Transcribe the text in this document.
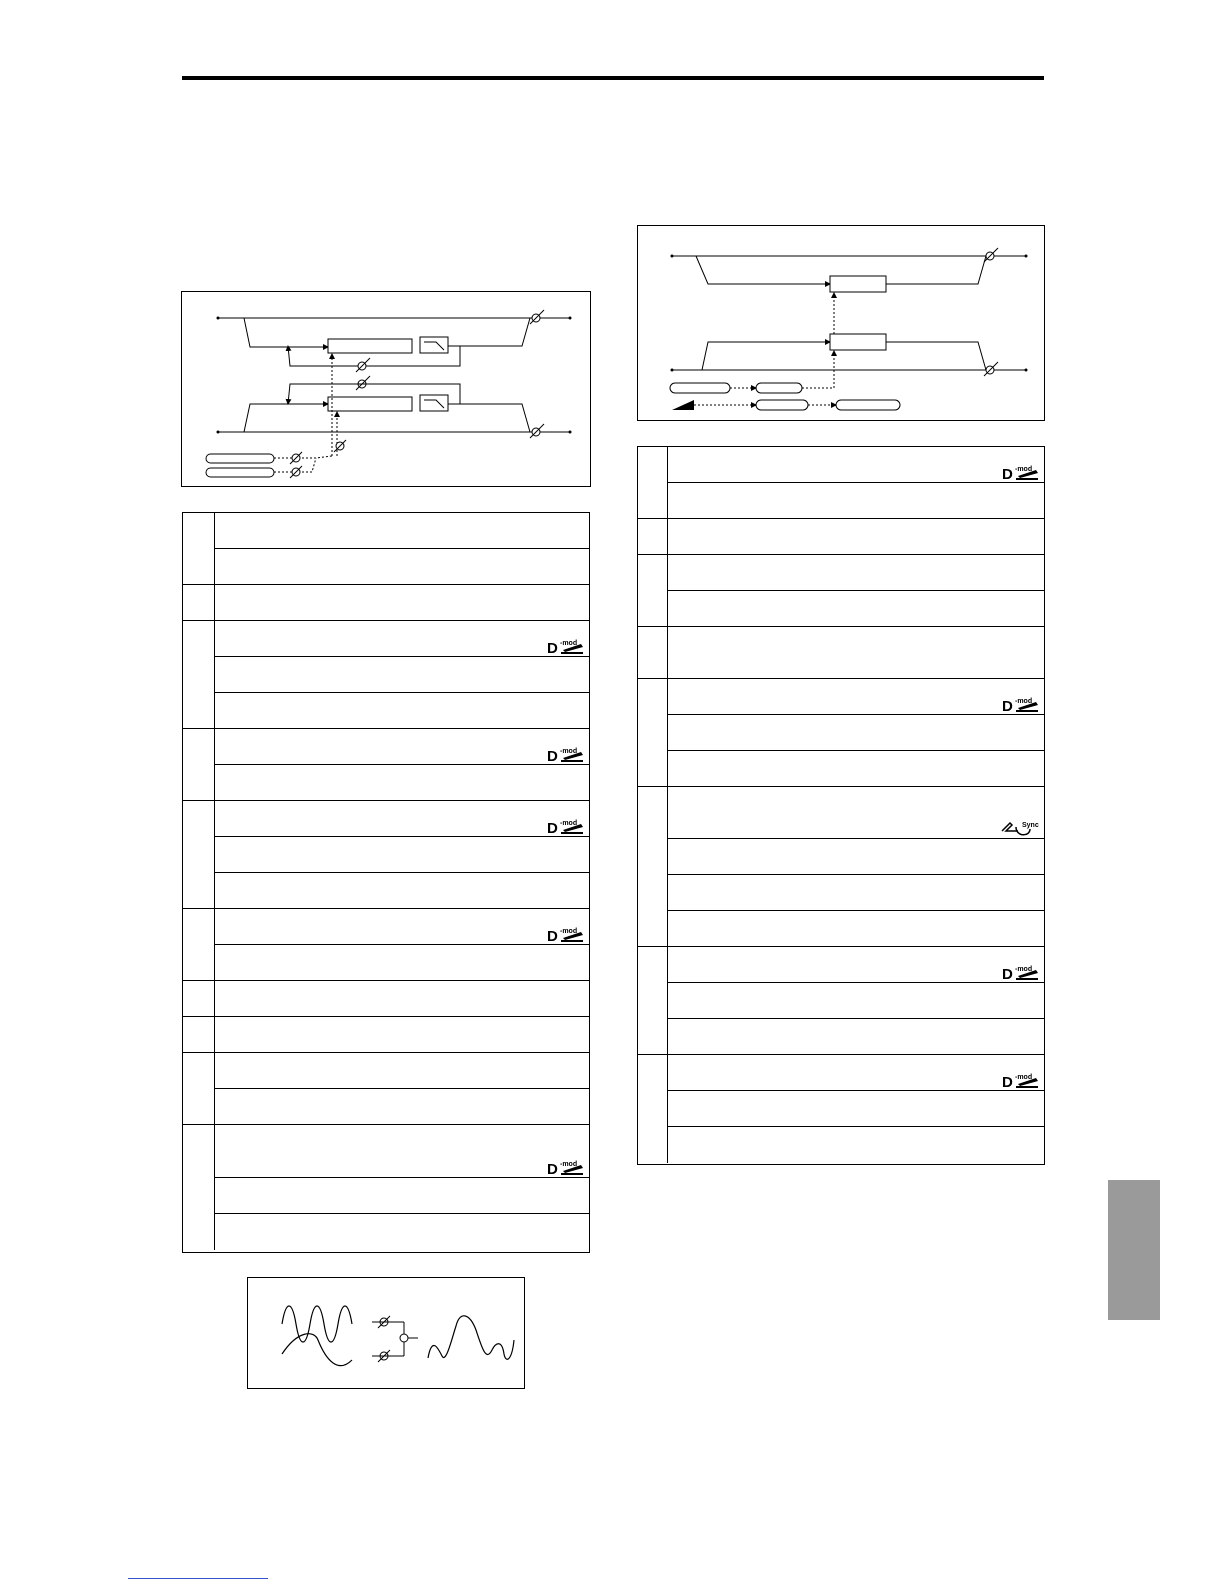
D -mod
D -mod
D -mod
D -mod
D -mod
D -mod
D -mod
Sync
D -mod
D -mod
